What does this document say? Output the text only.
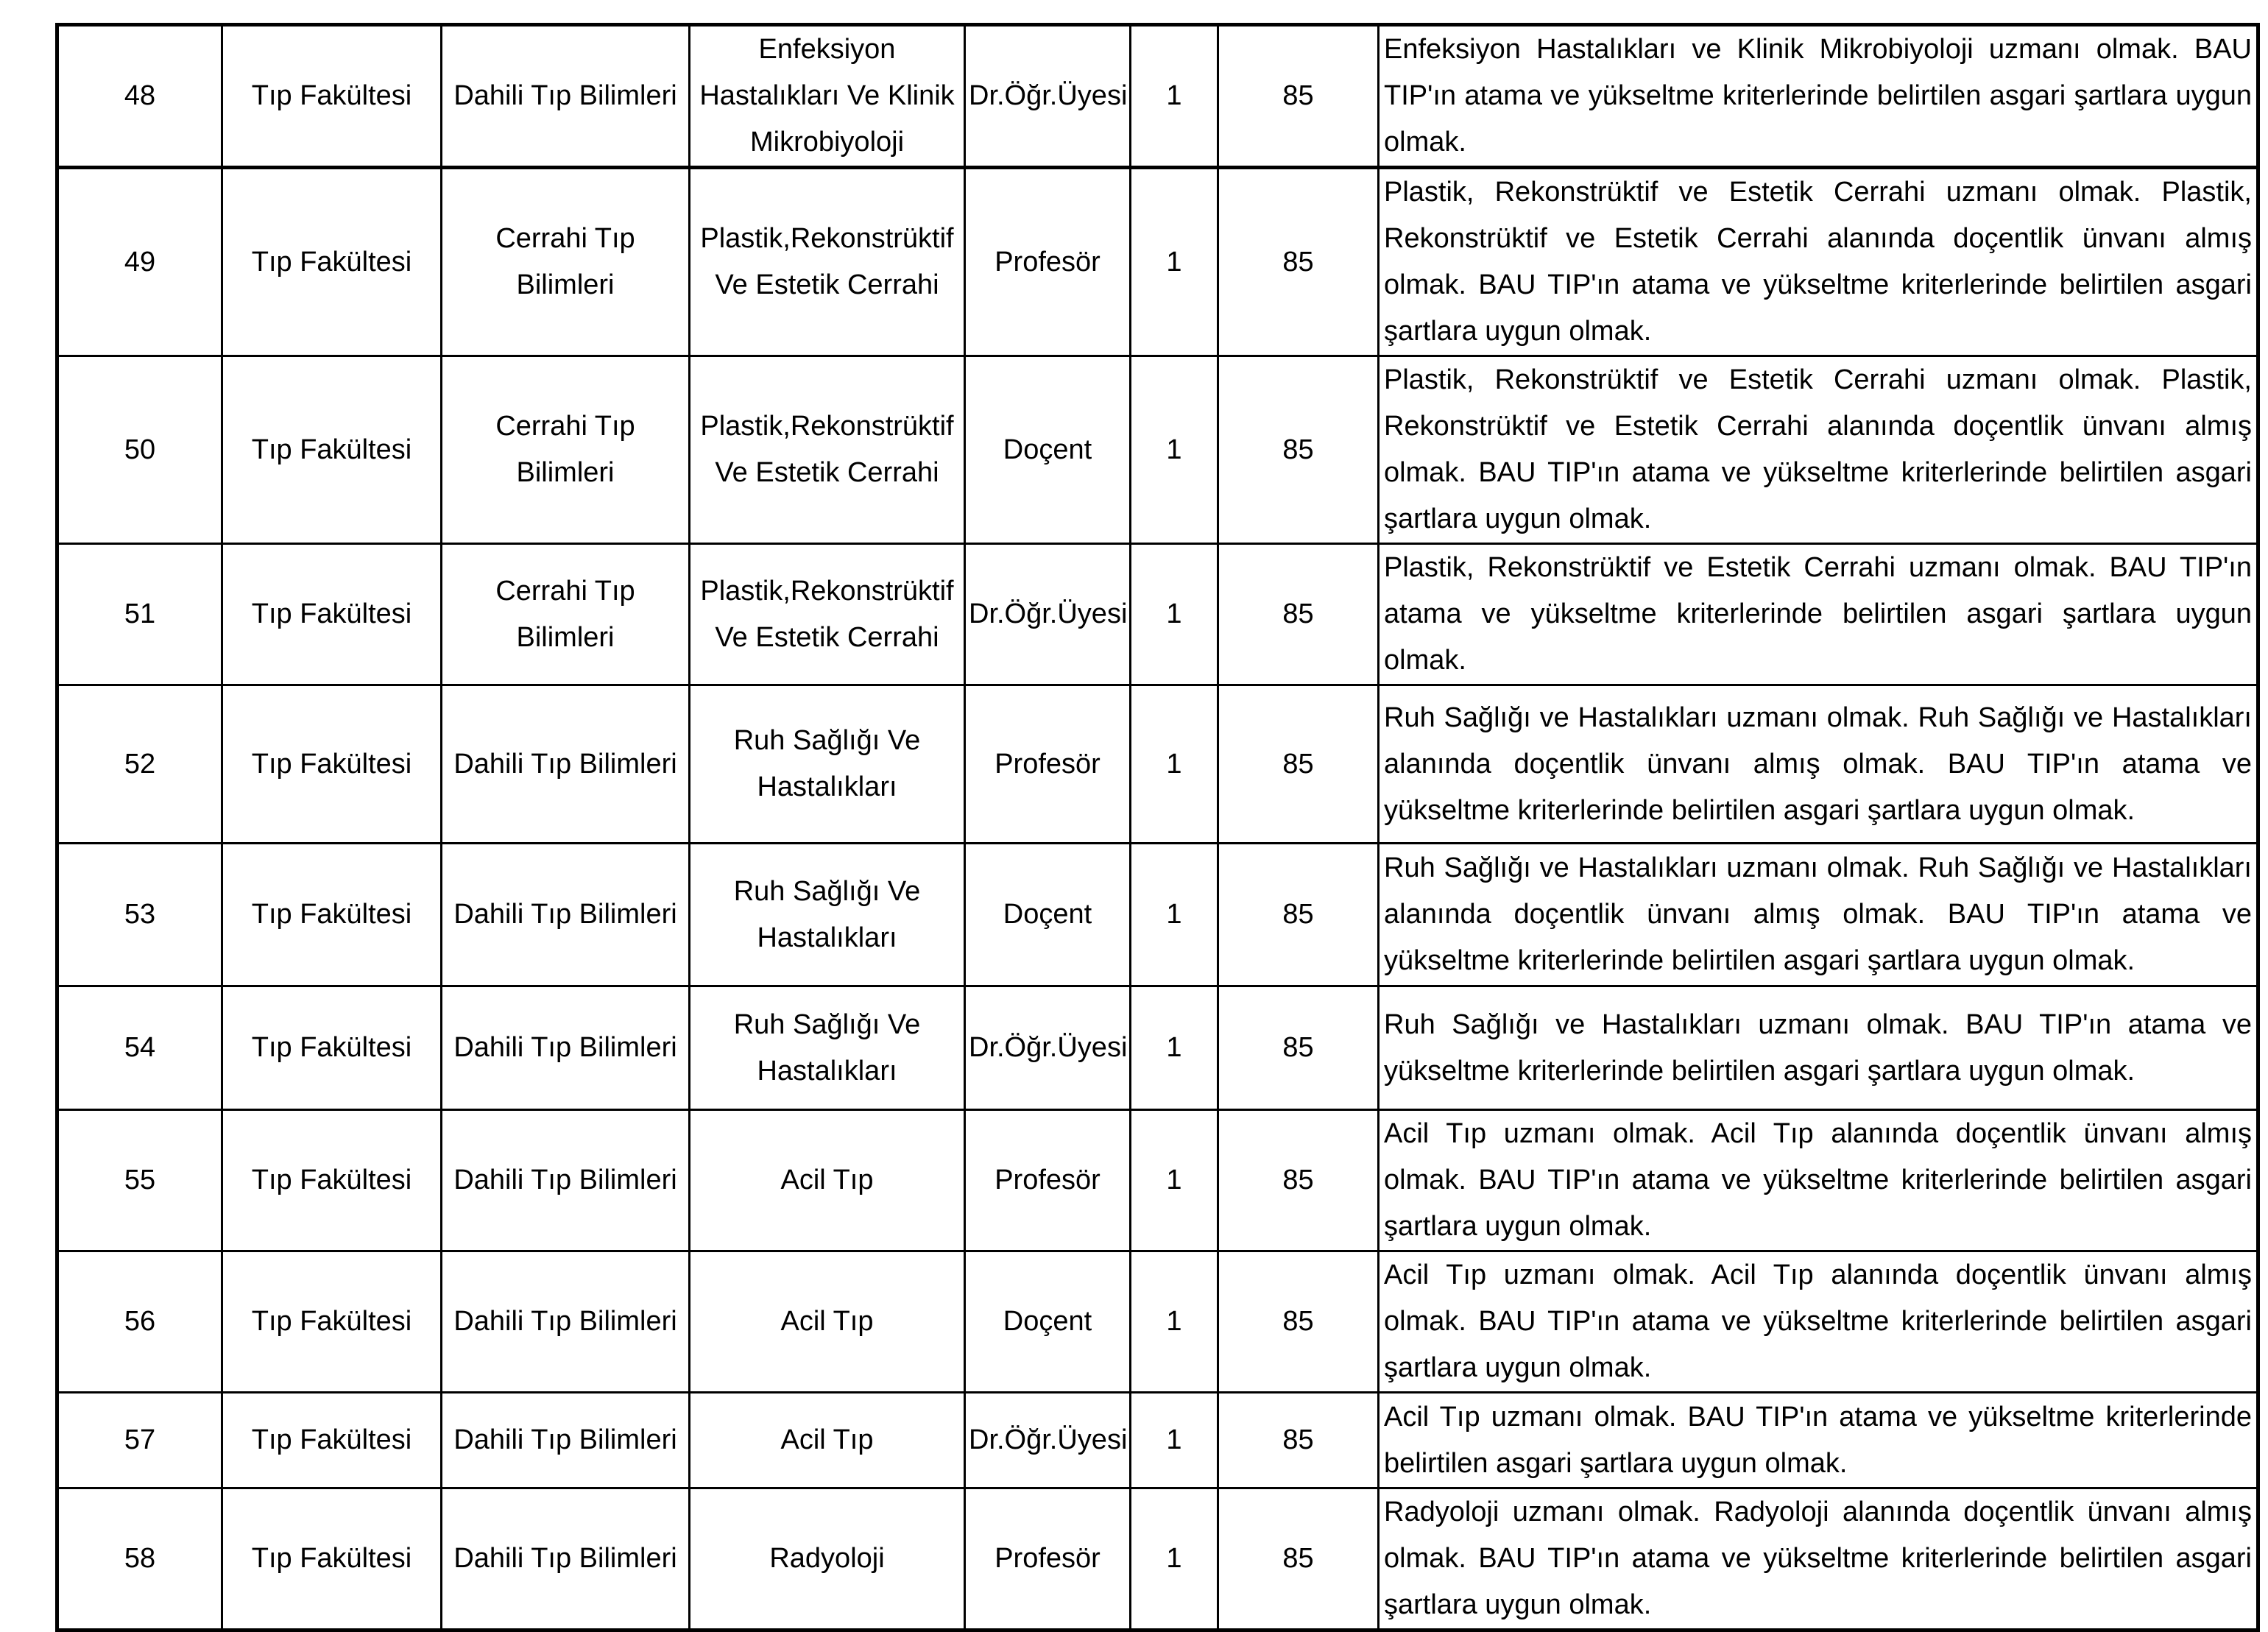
48	Tıp Fakültesi	Dahili Tıp Bilimleri	Enfeksiyon Hastalıkları Ve Klinik Mikrobiyoloji	Dr.Öğr.Üyesi	1	85	Enfeksiyon Hastalıkları ve Klinik Mikrobiyoloji uzmanı olmak. BAU TIP'ın atama ve yükseltme kriterlerinde belirtilen asgari şartlara uygun olmak.
49	Tıp Fakültesi	Cerrahi Tıp Bilimleri	Plastik,Rekonstrüktif Ve Estetik Cerrahi	Profesör	1	85	Plastik, Rekonstrüktif ve Estetik Cerrahi uzmanı olmak. Plastik, Rekonstrüktif ve Estetik Cerrahi alanında doçentlik ünvanı almış olmak. BAU TIP'ın atama ve yükseltme kriterlerinde belirtilen asgari şartlara uygun olmak.
50	Tıp Fakültesi	Cerrahi Tıp Bilimleri	Plastik,Rekonstrüktif Ve Estetik Cerrahi	Doçent	1	85	Plastik, Rekonstrüktif ve Estetik Cerrahi uzmanı olmak. Plastik, Rekonstrüktif ve Estetik Cerrahi alanında doçentlik ünvanı almış olmak. BAU TIP'ın atama ve yükseltme kriterlerinde belirtilen asgari şartlara uygun olmak.
51	Tıp Fakültesi	Cerrahi Tıp Bilimleri	Plastik,Rekonstrüktif Ve Estetik Cerrahi	Dr.Öğr.Üyesi	1	85	Plastik, Rekonstrüktif ve Estetik Cerrahi uzmanı olmak. BAU TIP'ın atama ve yükseltme kriterlerinde belirtilen asgari şartlara uygun olmak.
52	Tıp Fakültesi	Dahili Tıp Bilimleri	Ruh Sağlığı Ve Hastalıkları	Profesör	1	85	Ruh Sağlığı ve Hastalıkları uzmanı olmak. Ruh Sağlığı ve Hastalıkları alanında doçentlik ünvanı almış olmak. BAU TIP'ın atama ve yükseltme kriterlerinde belirtilen asgari şartlara uygun olmak.
53	Tıp Fakültesi	Dahili Tıp Bilimleri	Ruh Sağlığı Ve Hastalıkları	Doçent	1	85	Ruh Sağlığı ve Hastalıkları uzmanı olmak. Ruh Sağlığı ve Hastalıkları alanında doçentlik ünvanı almış olmak. BAU TIP'ın atama ve yükseltme kriterlerinde belirtilen asgari şartlara uygun olmak.
54	Tıp Fakültesi	Dahili Tıp Bilimleri	Ruh Sağlığı Ve Hastalıkları	Dr.Öğr.Üyesi	1	85	Ruh Sağlığı ve Hastalıkları uzmanı olmak. BAU TIP'ın atama ve yükseltme kriterlerinde belirtilen asgari şartlara uygun olmak.
55	Tıp Fakültesi	Dahili Tıp Bilimleri	Acil Tıp	Profesör	1	85	Acil Tıp uzmanı olmak. Acil Tıp alanında doçentlik ünvanı almış olmak. BAU TIP'ın atama ve yükseltme kriterlerinde belirtilen asgari şartlara uygun olmak.
56	Tıp Fakültesi	Dahili Tıp Bilimleri	Acil Tıp	Doçent	1	85	Acil Tıp uzmanı olmak. Acil Tıp alanında doçentlik ünvanı almış olmak. BAU TIP'ın atama ve yükseltme kriterlerinde belirtilen asgari şartlara uygun olmak.
57	Tıp Fakültesi	Dahili Tıp Bilimleri	Acil Tıp	Dr.Öğr.Üyesi	1	85	Acil Tıp uzmanı olmak. BAU TIP'ın atama ve yükseltme kriterlerinde belirtilen asgari şartlara uygun olmak.
58	Tıp Fakültesi	Dahili Tıp Bilimleri	Radyoloji	Profesör	1	85	Radyoloji uzmanı olmak. Radyoloji alanında doçentlik ünvanı almış olmak. BAU TIP'ın atama ve yükseltme kriterlerinde belirtilen asgari şartlara uygun olmak.
